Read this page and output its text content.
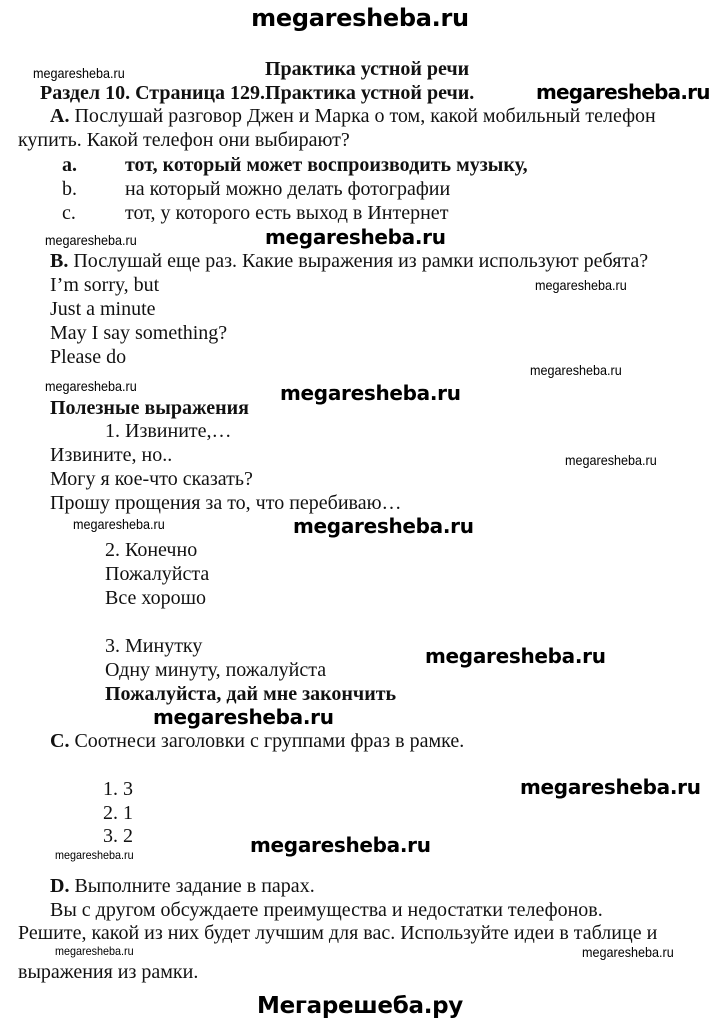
megaresheba.ru
megaresheba.ru	Практика устной речи
Раздел 10. Страница 129.Практика устной речи.	megaresheba.ru
A. Послушай разговор Джен и Марка о том, какой мобильный телефон
купить. Какой телефон они выбирают?
a. тот, который может воспроизводить музыку,
b. на который можно делать фотографии
c. тот, у которого есть выход в Интернет
megaresheba.ru	megaresheba.ru
B. Послушай еще раз. Какие выражения из рамки используют ребята?
I’m sorry, but	megaresheba.ru
Just a minute
May I say something?
Please do
megaresheba.ru
megaresheba.ru
megaresheba.ru
Полезные выражения
1. Извините,…
Извините, но..	megaresheba.ru
Могу я кое-что сказать?
Прошу прощения за то, что перебиваю…
megaresheba.ru	megaresheba.ru
2. Конечно
Пожалуйста
Все хорошо
3. Минутку	megaresheba.ru
Одну минуту, пожалуйста
Пожалуйста, дай мне закончить
megaresheba.ru
C. Соотнеси заголовки с группами фраз в рамке.
1. 3	megaresheba.ru
2. 1
3. 2
megaresheba.ru	megaresheba.ru
D. Выполните задание в парах.
Вы с другом обсуждаете преимущества и недостатки телефонов.
Решите, какой из них будет лучшим для вас. Используйте идеи в таблице и
megaresheba.ru	megaresheba.ru
выражения из рамки.
Мегарешеба.ру
